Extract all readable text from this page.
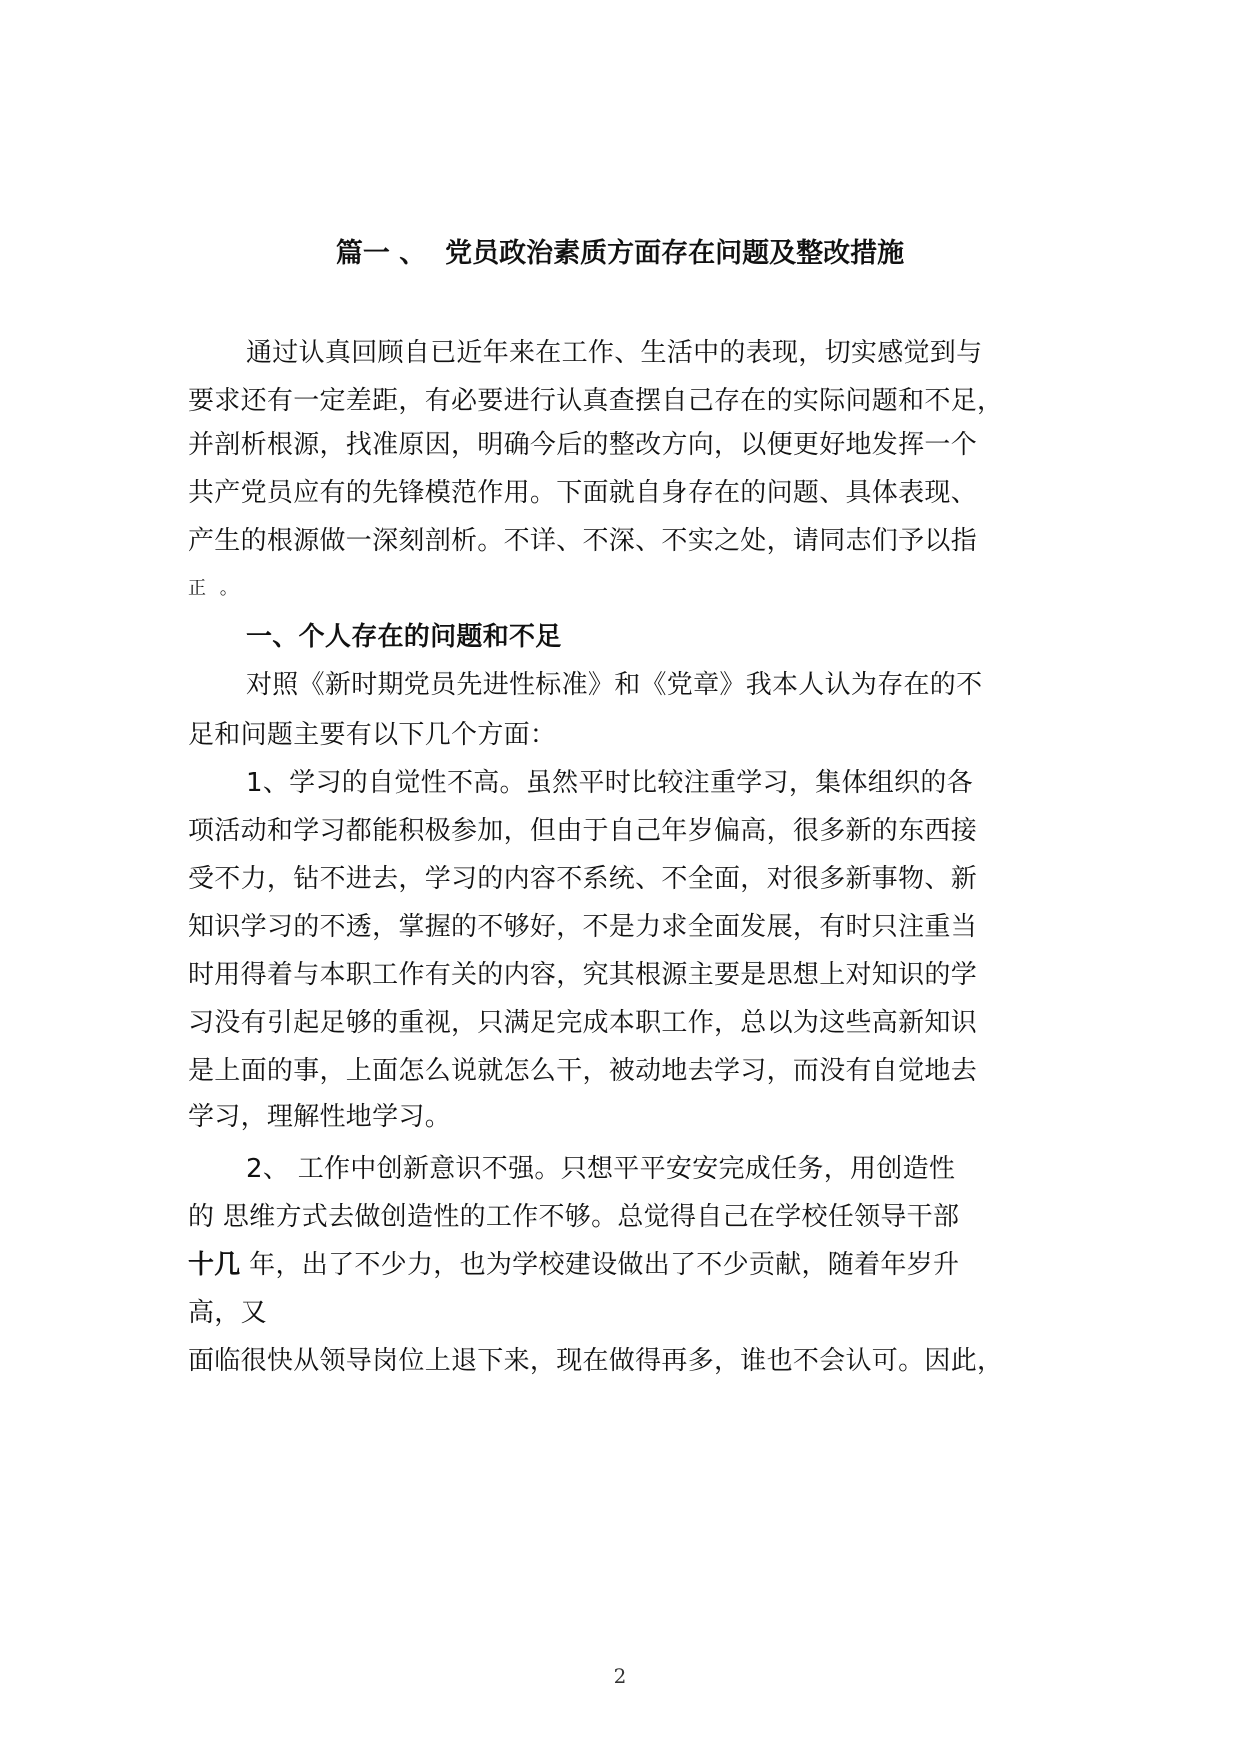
篇一 、  党员政治素质方面存在问题及整改措施

通过认真回顾自已近年来在工作、生活中的表现，切实感觉到与

要求还有一定差距，有必要进行认真查摆自己存在的实际问题和不足，

并剖析根源，找准原因，明确今后的整改方向，以便更好地发挥一个

共产党员应有的先锋模范作用。下面就自身存在的问题、具体表现、

产生的根源做一深刻剖析。不详、不深、不实之处，请同志们予以指

正 。

一、个人存在的问题和不足

对照《新时期党员先进性标准》和《党章》我本人认为存在的不

足和问题主要有以下几个方面：

1、学习的自觉性不高。虽然平时比较注重学习，集体组织的各

项活动和学习都能积极参加，但由于自己年岁偏高，很多新的东西接

受不力，钻不进去，学习的内容不系统、不全面，对很多新事物、新

知识学习的不透，掌握的不够好，不是力求全面发展，有时只注重当

时用得着与本职工作有关的内容，究其根源主要是思想上对知识的学

习没有引起足够的重视，只满足完成本职工作，总以为这些高新知识

是上面的事，上面怎么说就怎么干，被动地去学习，而没有自觉地去

学习，理解性地学习。

2、 工作中创新意识不强。只想平平安安完成任务，用创造性

的 思维方式去做创造性的工作不够。总觉得自己在学校任领导干部

十几 年，出了不少力，也为学校建设做出了不少贡献，随着年岁升

高，又

面临很快从领导岗位上退下来，现在做得再多，谁也不会认可。因此，

2
